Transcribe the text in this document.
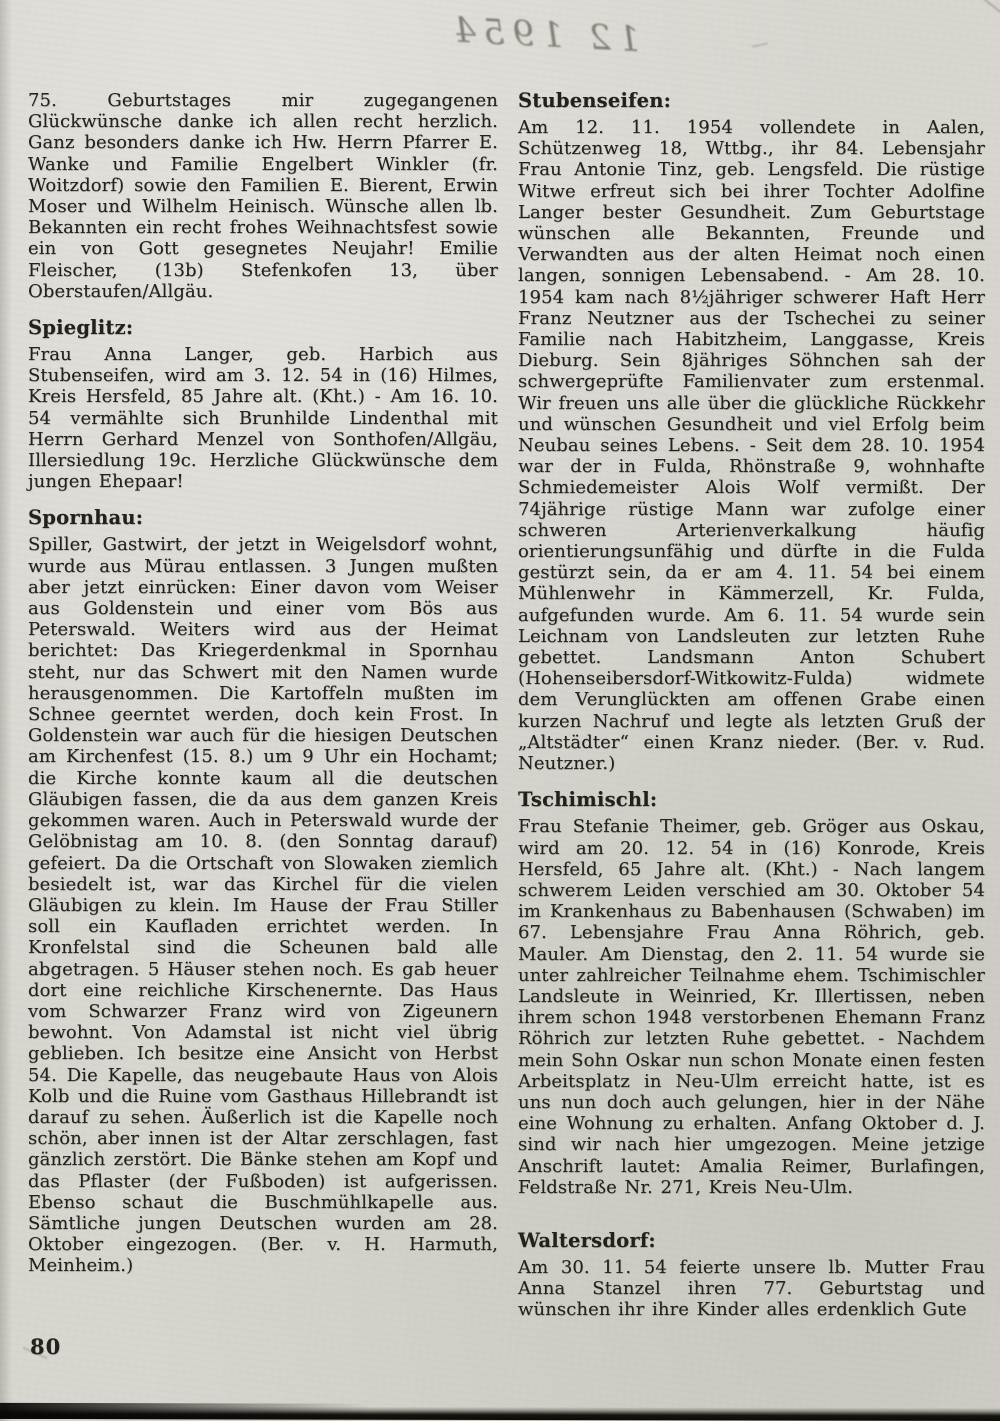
12 1954

75. Geburtstages mir zugegangenen Glückwünsche danke ich allen recht herzlich. Ganz besonders danke ich Hw. Herrn Pfarrer E. Wanke und Familie Engelbert Winkler (fr. Woitzdorf) sowie den Familien E. Bierent, Erwin Moser und Wilhelm Heinisch. Wünsche allen lb. Bekannten ein recht frohes Weihnachtsfest sowie ein von Gott gesegnetes Neujahr! Emilie Fleischer, (13b) Stefenkofen 13, über Oberstaufen/Allgäu.

Spieglitz:

Frau Anna Langer, geb. Harbich aus Stubenseifen, wird am 3. 12. 54 in (16) Hilmes, Kreis Hersfeld, 85 Jahre alt. (Kht.) - Am 16. 10. 54 vermählte sich Brunhilde Lindenthal mit Herrn Gerhard Menzel von Sonthofen/Allgäu, Illersiedlung 19c. Herzliche Glückwünsche dem jungen Ehepaar!

Spornhau:

Spiller, Gastwirt, der jetzt in Weigelsdorf wohnt, wurde aus Mürau entlassen. 3 Jungen mußten aber jetzt einrücken: Einer davon vom Weiser aus Goldenstein und einer vom Bös aus Peterswald. Weiters wird aus der Heimat berichtet: Das Kriegerdenkmal in Spornhau steht, nur das Schwert mit den Namen wurde herausgenommen. Die Kartoffeln mußten im Schnee geerntet werden, doch kein Frost. In Goldenstein war auch für die hiesigen Deutschen am Kirchenfest (15. 8.) um 9 Uhr ein Hochamt; die Kirche konnte kaum all die deutschen Gläubigen fassen, die da aus dem ganzen Kreis gekommen waren. Auch in Peterswald wurde der Gelöbnistag am 10. 8. (den Sonntag darauf) gefeiert. Da die Ortschaft von Slowaken ziemlich besiedelt ist, war das Kirchel für die vielen Gläubigen zu klein. Im Hause der Frau Stiller soll ein Kaufladen errichtet werden. In Kronfelstal sind die Scheunen bald alle abgetragen. 5 Häuser stehen noch. Es gab heuer dort eine reichliche Kirschenernte. Das Haus vom Schwarzer Franz wird von Zigeunern bewohnt. Von Adamstal ist nicht viel übrig geblieben. Ich besitze eine Ansicht von Herbst 54. Die Kapelle, das neugebaute Haus von Alois Kolb und die Ruine vom Gasthaus Hillebrandt ist darauf zu sehen. Äußerlich ist die Kapelle noch schön, aber innen ist der Altar zerschlagen, fast gänzlich zerstört. Die Bänke stehen am Kopf und das Pflaster (der Fußboden) ist aufgerissen. Ebenso schaut die Buschmühlkapelle aus. Sämtliche jungen Deutschen wurden am 28. Oktober eingezogen. (Ber. v. H. Harmuth, Meinheim.)

Stubenseifen:

Am 12. 11. 1954 vollendete in Aalen, Schützenweg 18, Wttbg., ihr 84. Lebensjahr Frau Antonie Tinz, geb. Lengsfeld. Die rüstige Witwe erfreut sich bei ihrer Tochter Adolfine Langer bester Gesundheit. Zum Geburtstage wünschen alle Bekannten, Freunde und Verwandten aus der alten Heimat noch einen langen, sonnigen Lebensabend. - Am 28. 10. 1954 kam nach 8½jähriger schwerer Haft Herr Franz Neutzner aus der Tschechei zu seiner Familie nach Habitzheim, Langgasse, Kreis Dieburg. Sein 8jähriges Söhnchen sah der schwergeprüfte Familienvater zum erstenmal. Wir freuen uns alle über die glückliche Rückkehr und wünschen Gesundheit und viel Erfolg beim Neubau seines Lebens. - Seit dem 28. 10. 1954 war der in Fulda, Rhönstraße 9, wohnhafte Schmiedemeister Alois Wolf vermißt. Der 74jährige rüstige Mann war zufolge einer schweren Arterienverkalkung häufig orientierungsunfähig und dürfte in die Fulda gestürzt sein, da er am 4. 11. 54 bei einem Mühlenwehr in Kämmerzell, Kr. Fulda, aufgefunden wurde. Am 6. 11. 54 wurde sein Leichnam von Landsleuten zur letzten Ruhe gebettet. Landsmann Anton Schubert (Hohenseibersdorf-Witkowitz-Fulda) widmete dem Verunglückten am offenen Grabe einen kurzen Nachruf und legte als letzten Gruß der „Altstädter“ einen Kranz nieder. (Ber. v. Rud. Neutzner.)

Tschimischl:

Frau Stefanie Theimer, geb. Gröger aus Oskau, wird am 20. 12. 54 in (16) Konrode, Kreis Hersfeld, 65 Jahre alt. (Kht.) - Nach langem schwerem Leiden verschied am 30. Oktober 54 im Krankenhaus zu Babenhausen (Schwaben) im 67. Lebensjahre Frau Anna Röhrich, geb. Mauler. Am Dienstag, den 2. 11. 54 wurde sie unter zahlreicher Teilnahme ehem. Tschimischler Landsleute in Weinried, Kr. Illertissen, neben ihrem schon 1948 verstorbenen Ehemann Franz Röhrich zur letzten Ruhe gebettet. - Nachdem mein Sohn Oskar nun schon Monate einen festen Arbeitsplatz in Neu-Ulm erreicht hatte, ist es uns nun doch auch gelungen, hier in der Nähe eine Wohnung zu erhalten. Anfang Oktober d. J. sind wir nach hier umgezogen. Meine jetzige Anschrift lautet: Amalia Reimer, Burlafingen, Feldstraße Nr. 271, Kreis Neu-Ulm.

Waltersdorf:

Am 30. 11. 54 feierte unsere lb. Mutter Frau Anna Stanzel ihren 77. Geburtstag und wünschen ihr ihre Kinder alles erdenklich Gute

80
